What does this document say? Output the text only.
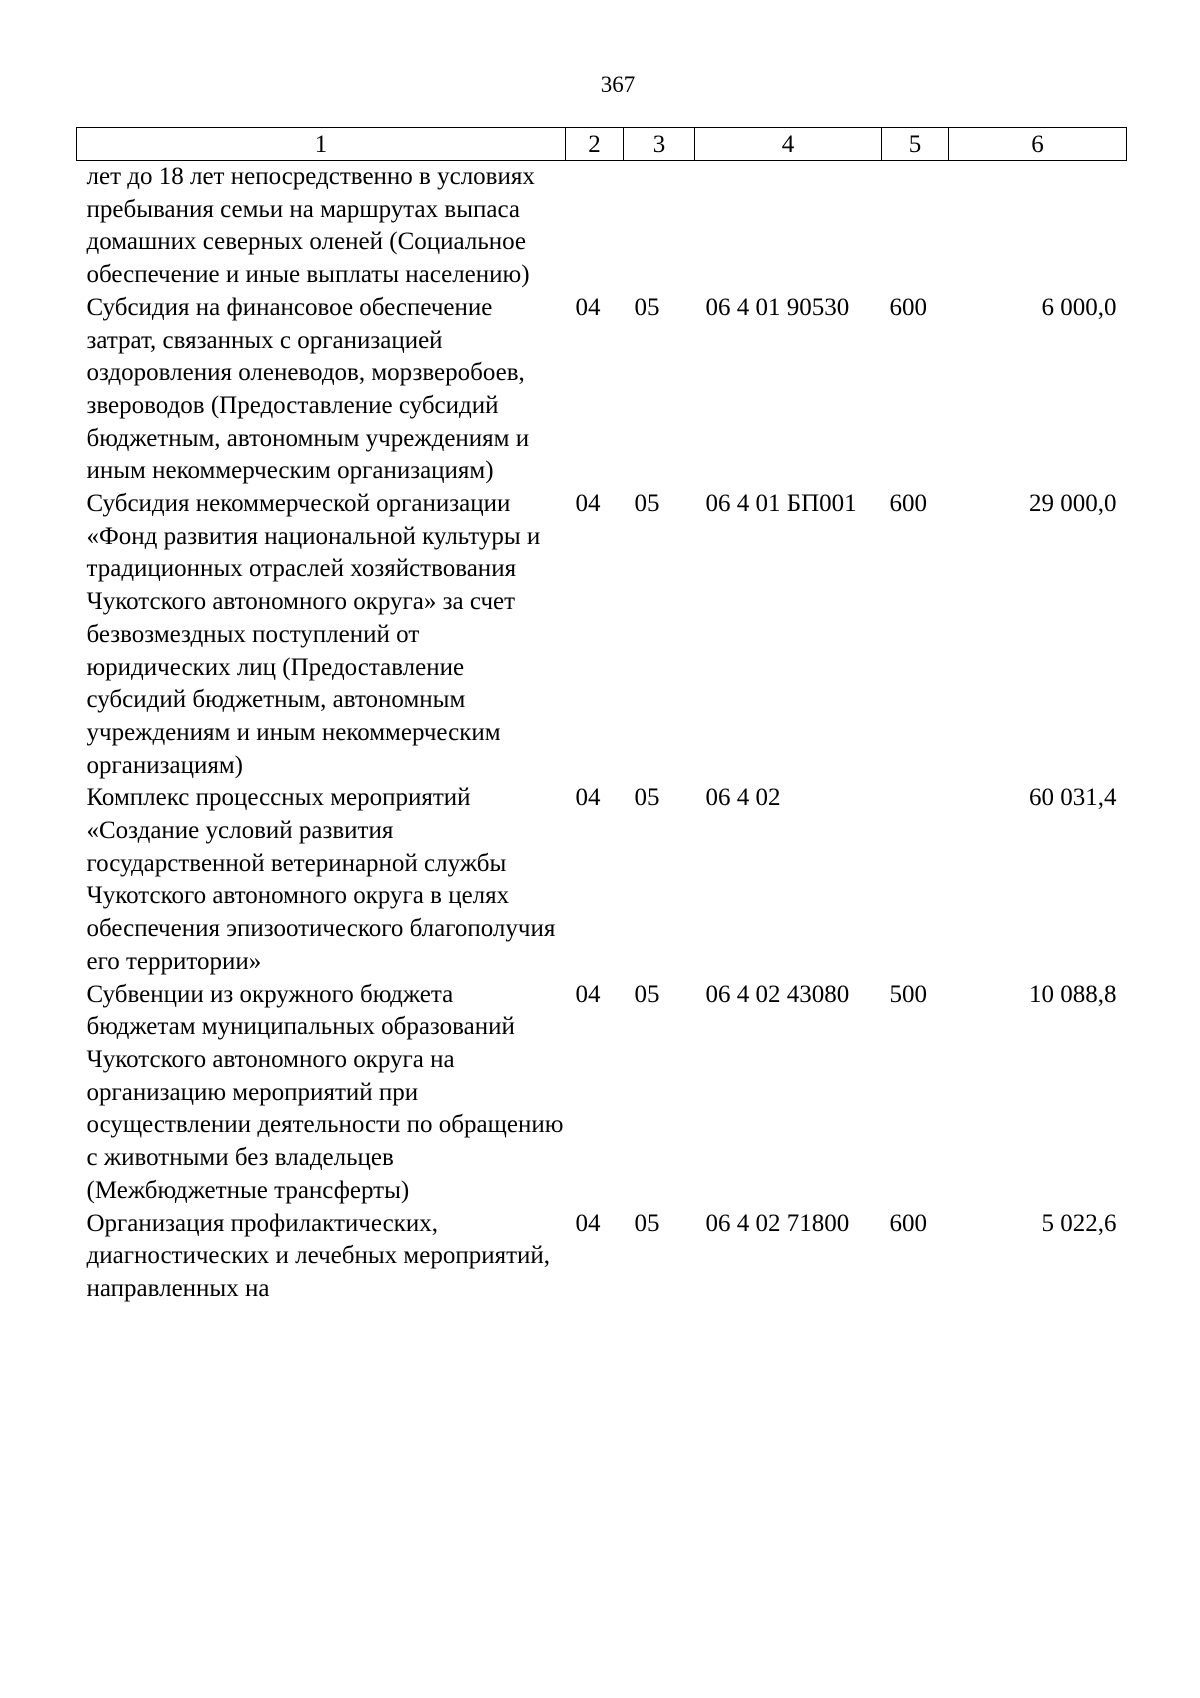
367
1	2	3	4	5	6
лет до 18 лет непосредственно в условиях пребывания семьи на маршрутах выпаса домашних северных оленей (Социальное обеспечение и иные выплаты населению)					
Субсидия на финансовое обеспечение затрат, связанных с организацией оздоровления оленеводов, морзверобоев, звероводов (Предоставление субсидий бюджетным, автономным учреждениям и иным некоммерческим организациям)	04	05	06 4 01 90530	600	6 000,0
Субсидия некоммерческой организации «Фонд развития национальной культуры и традиционных отраслей хозяйствования Чукотского автономного округа» за счет безвозмездных поступлений от юридических лиц (Предоставление субсидий бюджетным, автономным учреждениям и иным некоммерческим организациям)	04	05	06 4 01 БП001	600	29 000,0
Комплекс процессных мероприятий «Создание условий развития государственной ветеринарной службы Чукотского автономного округа в целях обеспечения эпизоотического благополучия его территории»	04	05	06 4 02		60 031,4
Субвенции из окружного бюджета бюджетам муниципальных образований Чукотского автономного округа на организацию мероприятий при осуществлении деятельности по обращению с животными без владельцев (Межбюджетные трансферты)	04	05	06 4 02 43080	500	10 088,8
Организация профилактических, диагностических и лечебных мероприятий, направленных на	04	05	06 4 02 71800	600	5 022,6
